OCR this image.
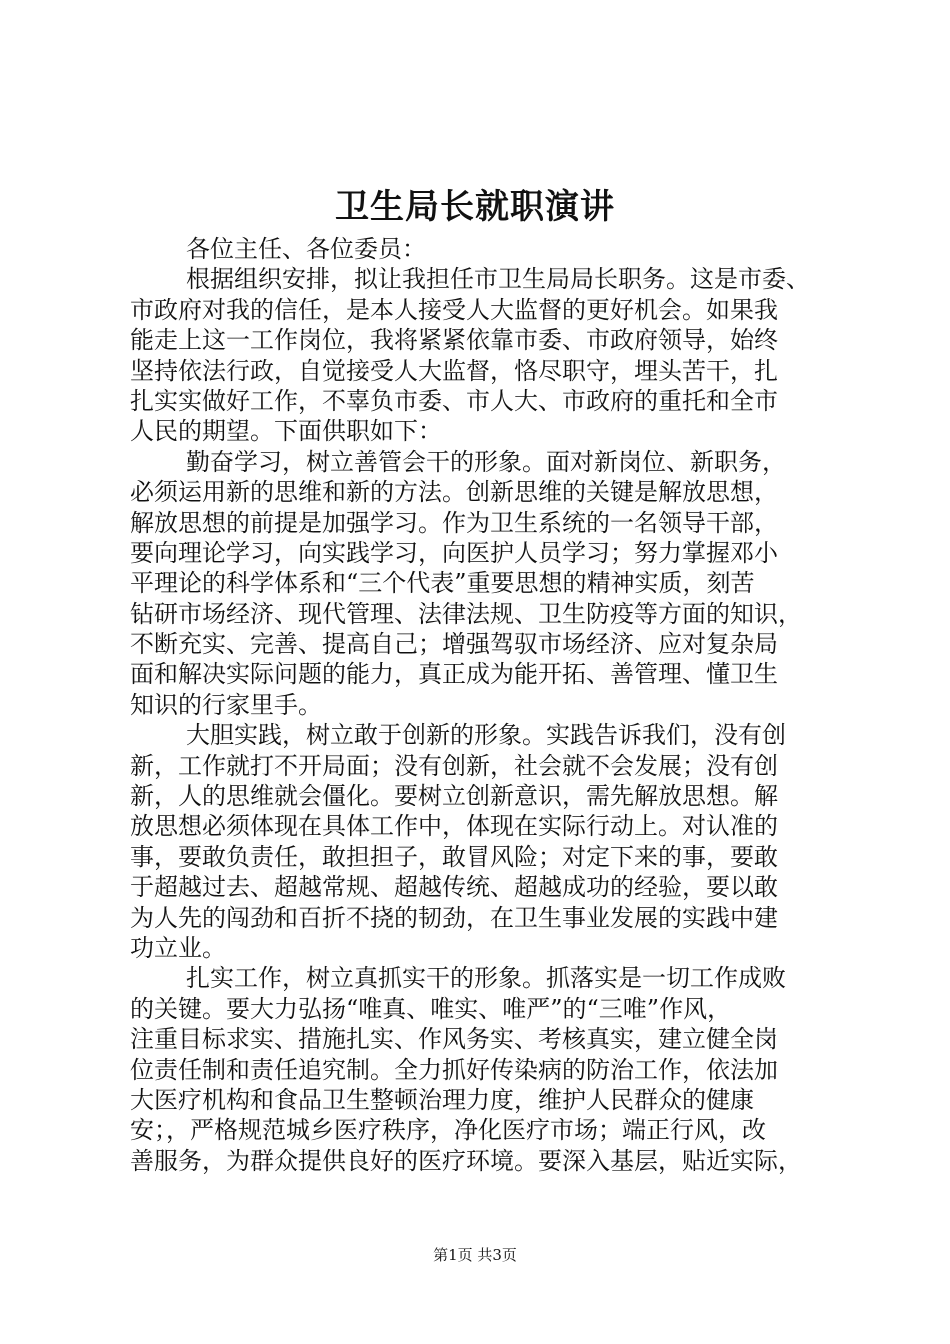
卫生局长就职演讲
各位主任、各位委员：
根据组织安排，拟让我担任市卫生局局长职务。这是市委、
市政府对我的信任，是本人接受人大监督的更好机会。如果我
能走上这一工作岗位，我将紧紧依靠市委、市政府领导，始终
坚持依法行政，自觉接受人大监督，恪尽职守，埋头苦干，扎
扎实实做好工作，不辜负市委、市人大、市政府的重托和全市
人民的期望。下面供职如下：
勤奋学习，树立善管会干的形象。面对新岗位、新职务，
必须运用新的思维和新的方法。创新思维的关键是解放思想，
解放思想的前提是加强学习。作为卫生系统的一名领导干部，
要向理论学习，向实践学习，向医护人员学习；努力掌握邓小
平理论的科学体系和“三个代表”重要思想的精神实质，刻苦
钻研市场经济、现代管理、法律法规、卫生防疫等方面的知识，
不断充实、完善、提高自己；增强驾驭市场经济、应对复杂局
面和解决实际问题的能力，真正成为能开拓、善管理、懂卫生
知识的行家里手。
大胆实践，树立敢于创新的形象。实践告诉我们，没有创
新，工作就打不开局面；没有创新，社会就不会发展；没有创
新，人的思维就会僵化。要树立创新意识，需先解放思想。解
放思想必须体现在具体工作中，体现在实际行动上。对认准的
事，要敢负责任，敢担担子，敢冒风险；对定下来的事，要敢
于超越过去、超越常规、超越传统、超越成功的经验，要以敢
为人先的闯劲和百折不挠的韧劲，在卫生事业发展的实践中建
功立业。
扎实工作，树立真抓实干的形象。抓落实是一切工作成败
的关键。要大力弘扬“唯真、唯实、唯严”的“三唯”作风，
注重目标求实、措施扎实、作风务实、考核真实，建立健全岗
位责任制和责任追究制。全力抓好传染病的防治工作，依法加
大医疗机构和食品卫生整顿治理力度，维护人民群众的健康
安；，严格规范城乡医疗秩序，净化医疗市场；端正行风，改
善服务，为群众提供良好的医疗环境。要深入基层，贴近实际，
第1页 共3页
